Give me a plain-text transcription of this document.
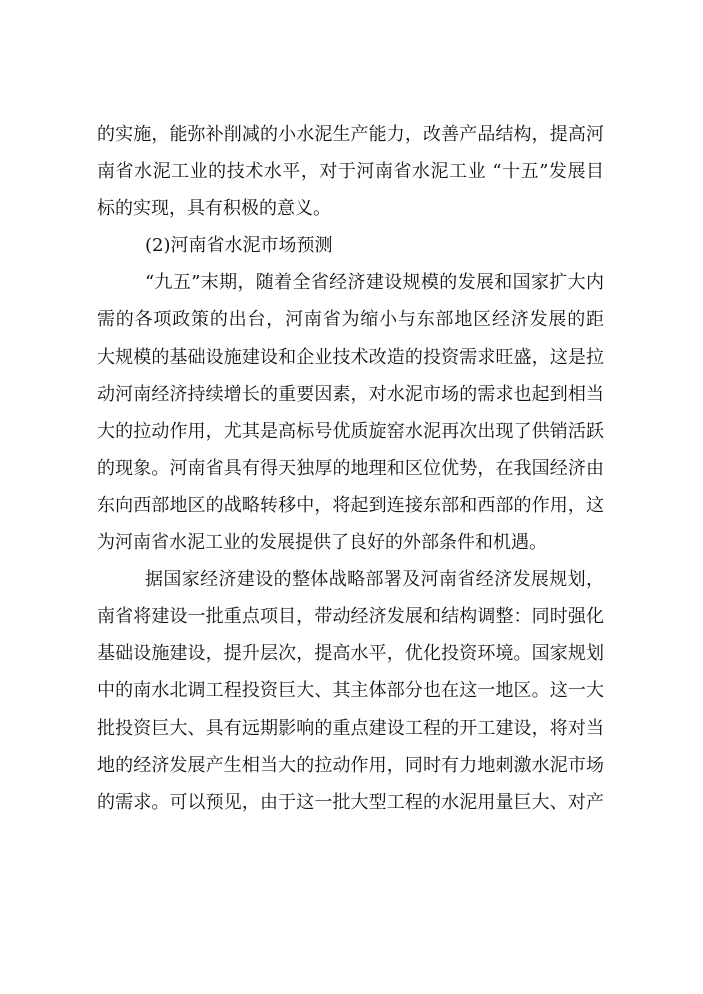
的实施，能弥补削减的小水泥生产能力，改善产品结构，提高河
南省水泥工业的技术水平，对于河南省水泥工业 “十五”发展目
标的实现，具有积极的意义。
(2)河南省水泥市场预测
“九五”末期，随着全省经济建设规模的发展和国家扩大内
需的各项政策的出台，河南省为缩小与东部地区经济发展的距
大规模的基础设施建设和企业技术改造的投资需求旺盛，这是拉
动河南经济持续增长的重要因素，对水泥市场的需求也起到相当
大的拉动作用，尤其是高标号优质旋窑水泥再次出现了供销活跃
的现象。河南省具有得天独厚的地理和区位优势，在我国经济由
东向西部地区的战略转移中，将起到连接东部和西部的作用，这
为河南省水泥工业的发展提供了良好的外部条件和机遇。
据国家经济建设的整体战略部署及河南省经济发展规划，
南省将建设一批重点项目，带动经济发展和结构调整：同时强化
基础设施建设，提升层次，提高水平，优化投资环境。国家规划
中的南水北调工程投资巨大、其主体部分也在这一地区。这一大
批投资巨大、具有远期影响的重点建设工程的开工建设，将对当
地的经济发展产生相当大的拉动作用，同时有力地刺激水泥市场
的需求。可以预见，由于这一批大型工程的水泥用量巨大、对产
